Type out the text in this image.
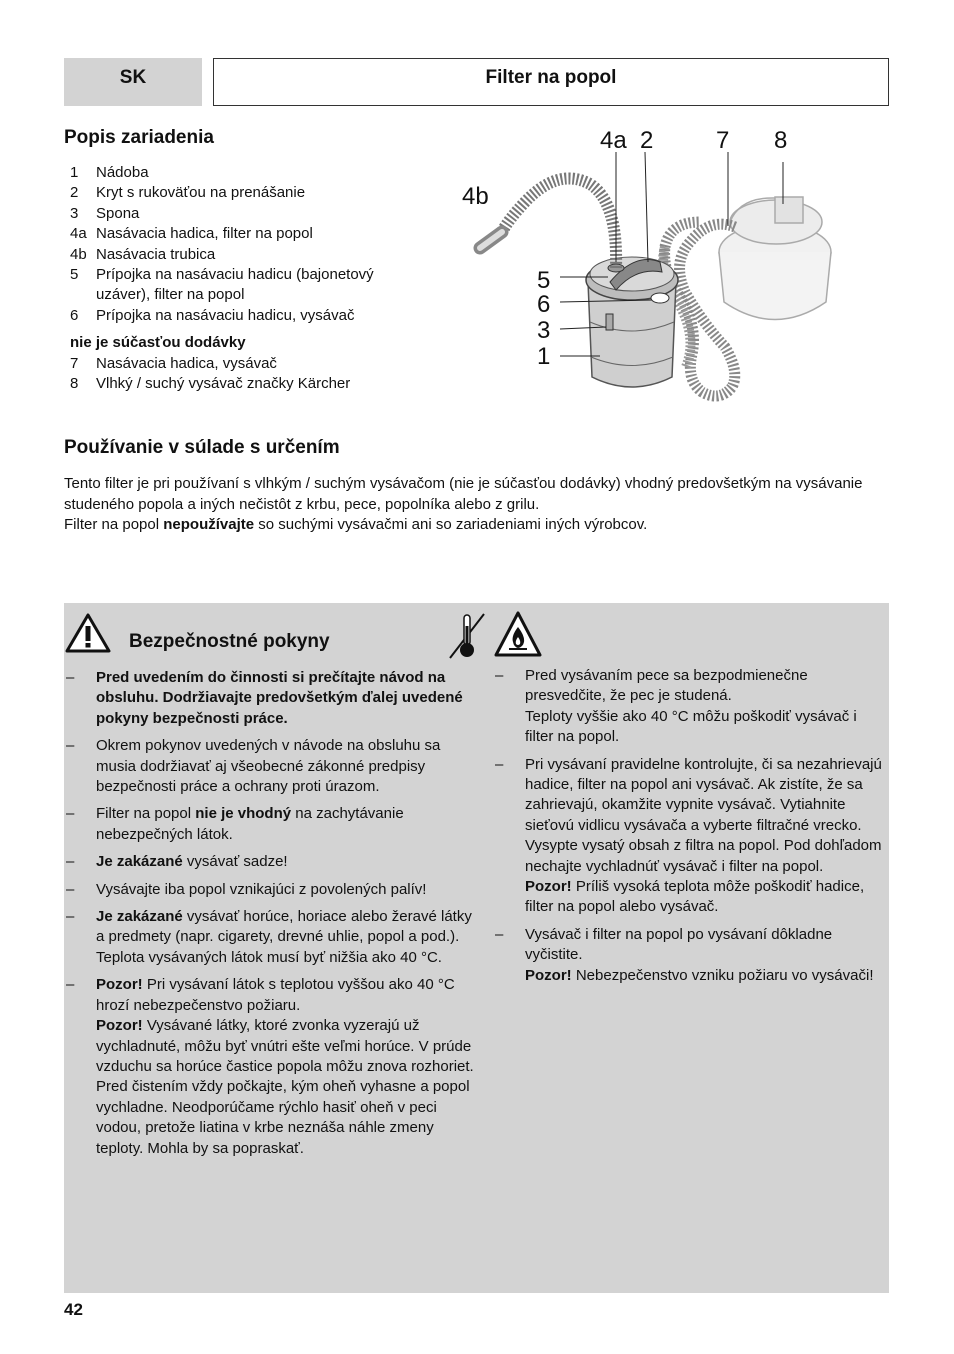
SK	Filter na popol
Popis zariadenia
1	Nádoba
2	Kryt s rukoväťou na prenášanie
3	Spona
4a Nasávacia hadica, filter na popol
4b Nasávacia trubica
5	Prípojka na nasávaciu hadicu (bajonetový uzáver), filter na popol
6	Prípojka na nasávaciu hadicu, vysávač
nie je súčasťou dodávky
7	Nasávacia hadica, vysávač
8	Vlhký / suchý vysávač značky Kärcher
4a 2	7 8
4b
5
6
3
1
Používanie v súlade s určením
Tento filter je pri používaní s vlhkým / suchým vysávačom (nie je súčasťou dodávky) vhodný predovšetkým na vysávanie studeného popola a iných nečistôt z krbu, pece, popolníka alebo z grilu.
Filter na popol nepoužívajte so suchými vysávačmi ani so zariadeniami iných výrobcov.
Bezpečnostné pokyny
–	Pred uvedením do činnosti si prečítajte návod na obsluhu. Dodržiavajte predovšetkým ďalej uvedené pokyny bezpečnosti práce.
–	Okrem pokynov uvedených v návode na obsluhu sa musia dodržiavať aj všeobecné zákonné predpisy bezpečnosti práce a ochrany proti úrazom.
–	Filter na popol nie je vhodný na zachytávanie nebezpečných látok.
–	Je zakázané vysávať sadze!
–	Vysávajte iba popol vznikajúci z povolených palív!
–	Je zakázané vysávať horúce, horiace alebo žeravé látky a predmety (napr. cigarety, drevné uhlie, popol a pod.). Teplota vysávaných látok musí byť nižšia ako 40 °C.
–	Pozor! Pri vysávaní látok s teplotou vyššou ako 40 °C hrozí nebezpečenstvo požiaru.
Pozor! Vysávané látky, ktoré zvonka vyzerajú už vychladnuté, môžu byť vnútri ešte veľmi horúce. V prúde vzduchu sa horúce častice popola môžu znova rozhoriet.
Pred čistením vždy počkajte, kým oheň vyhasne a popol vychladne. Neodporúčame rýchlo hasiť oheň v peci vodou, pretože liatina v krbe neznáša náhle zmeny teploty. Mohla by sa popraskať.
–	Pred vysávaním pece sa bezpodmienečne presvedčite, že pec je studená.
Teploty vyššie ako 40 °C môžu poškodiť vysávač i filter na popol.
–	Pri vysávaní pravidelne kontrolujte, či sa nezahrievajú hadice, filter na popol ani vysávač. Ak zistíte, že sa zahrievajú, okamžite vypnite vysávač. Vytiahnite sieťovú vidlicu vysávača a vyberte filtračné vrecko. Vysypte vysatý obsah z filtra na popol. Pod dohľadom nechajte vychladnúť vysávač i filter na popol.
Pozor! Príliš vysoká teplota môže poškodiť hadice, filter na popol alebo vysávač.
–	Vysávač i filter na popol po vysávaní dôkladne vyčistite.
Pozor! Nebezpečenstvo vzniku požiaru vo vysávači!
42
